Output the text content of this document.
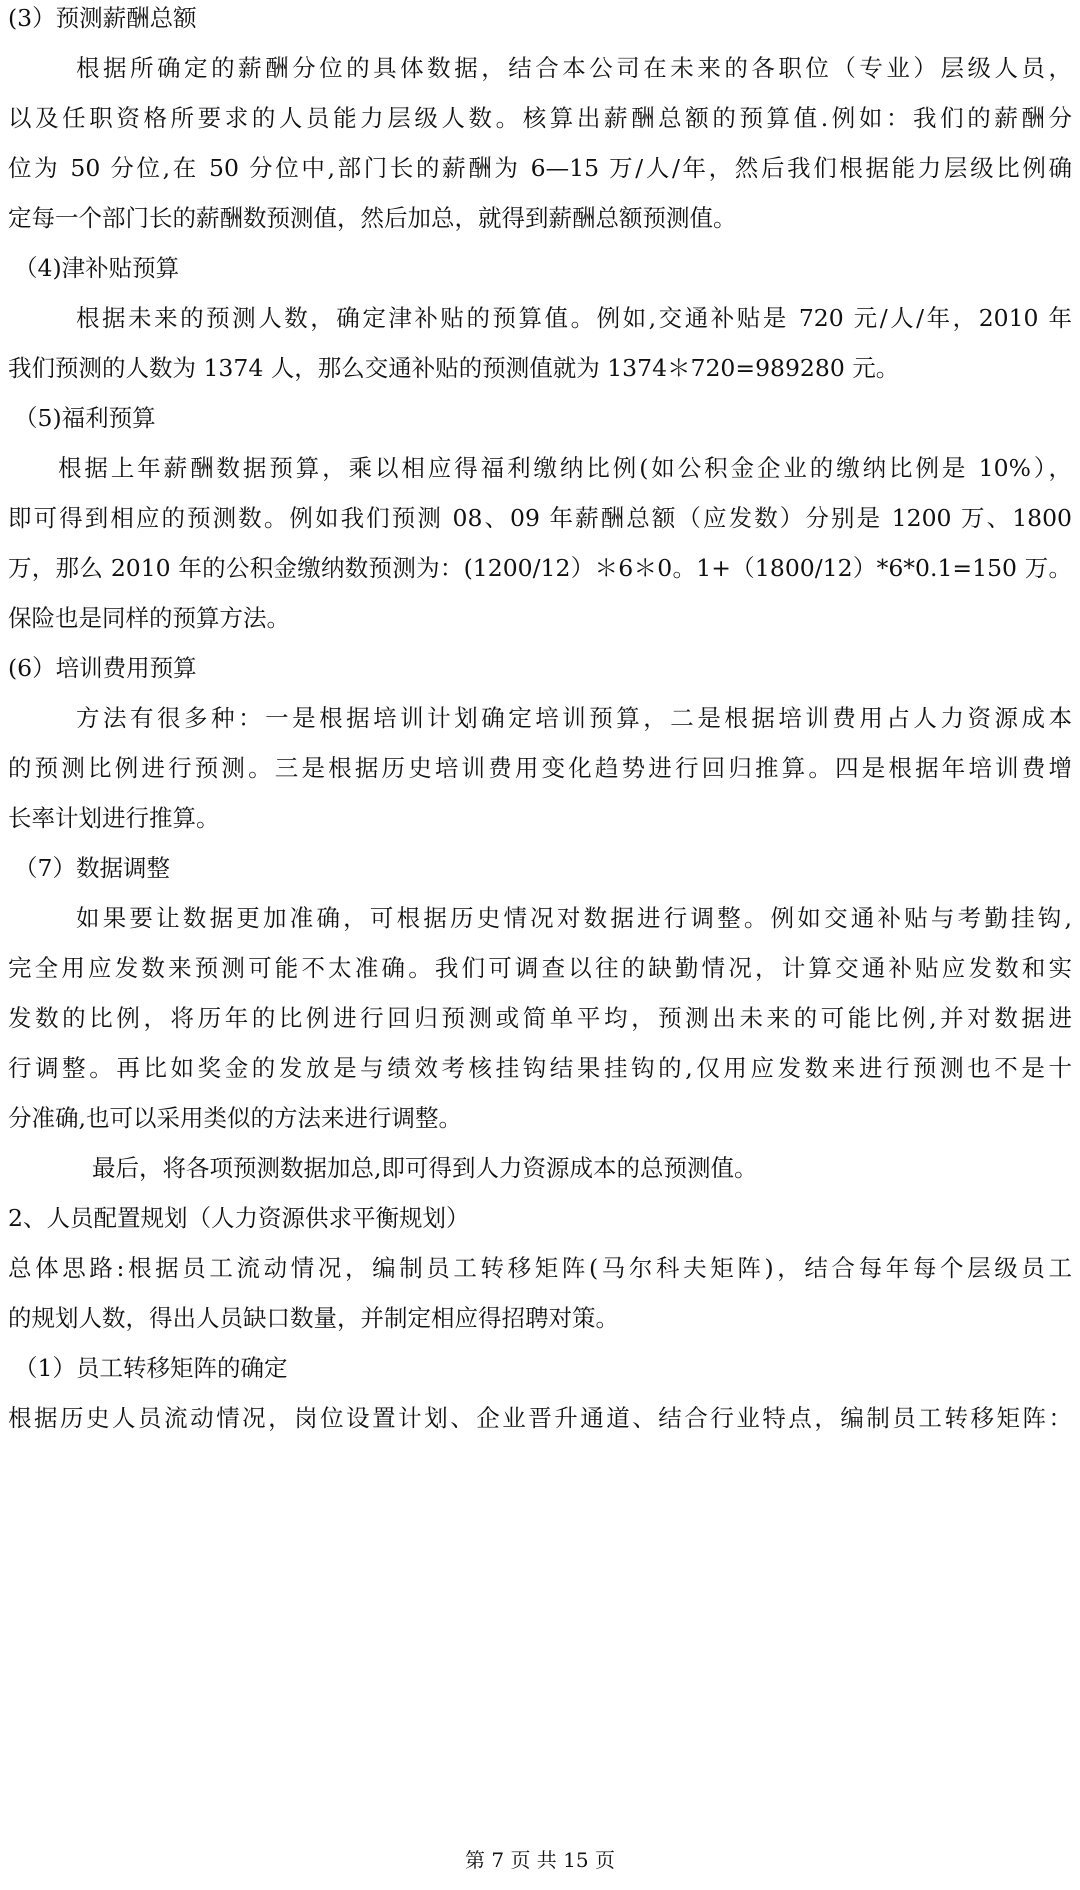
(3）预测薪酬总额
根据所确定的薪酬分位的具体数据，结合本公司在未来的各职位（专业）层级人员，
以及任职资格所要求的人员能力层级人数。核算出薪酬总额的预算值.例如：我们的薪酬分
位为 50 分位,在 50 分位中,部门长的薪酬为 6—15 万/人/年，然后我们根据能力层级比例确
定每一个部门长的薪酬数预测值，然后加总，就得到薪酬总额预测值。
（4)津补贴预算
根据未来的预测人数，确定津补贴的预算值。例如,交通补贴是 720 元/人/年，2010 年
我们预测的人数为 1374 人，那么交通补贴的预测值就为 1374＊720=989280 元。
（5)福利预算
根据上年薪酬数据预算，乘以相应得福利缴纳比例(如公积金企业的缴纳比例是 10%），
即可得到相应的预测数。例如我们预测 08、09 年薪酬总额（应发数）分别是 1200 万、1800
万，那么 2010 年的公积金缴纳数预测为：(1200/12）＊6＊0。1+（1800/12）*6*0.1=150 万。
保险也是同样的预算方法。
(6）培训费用预算
方法有很多种：一是根据培训计划确定培训预算，二是根据培训费用占人力资源成本
的预测比例进行预测。三是根据历史培训费用变化趋势进行回归推算。四是根据年培训费增
长率计划进行推算。
（7）数据调整
如果要让数据更加准确，可根据历史情况对数据进行调整。例如交通补贴与考勤挂钩,
完全用应发数来预测可能不太准确。我们可调查以往的缺勤情况，计算交通补贴应发数和实
发数的比例，将历年的比例进行回归预测或简单平均，预测出未来的可能比例,并对数据进
行调整。再比如奖金的发放是与绩效考核挂钩结果挂钩的,仅用应发数来进行预测也不是十
分准确,也可以采用类似的方法来进行调整。
最后，将各项预测数据加总,即可得到人力资源成本的总预测值。
2、人员配置规划（人力资源供求平衡规划）
总体思路:根据员工流动情况，编制员工转移矩阵(马尔科夫矩阵)，结合每年每个层级员工
的规划人数，得出人员缺口数量，并制定相应得招聘对策。
（1）员工转移矩阵的确定
根据历史人员流动情况，岗位设置计划、企业晋升通道、结合行业特点，编制员工转移矩阵：
第 7 页 共 15 页
